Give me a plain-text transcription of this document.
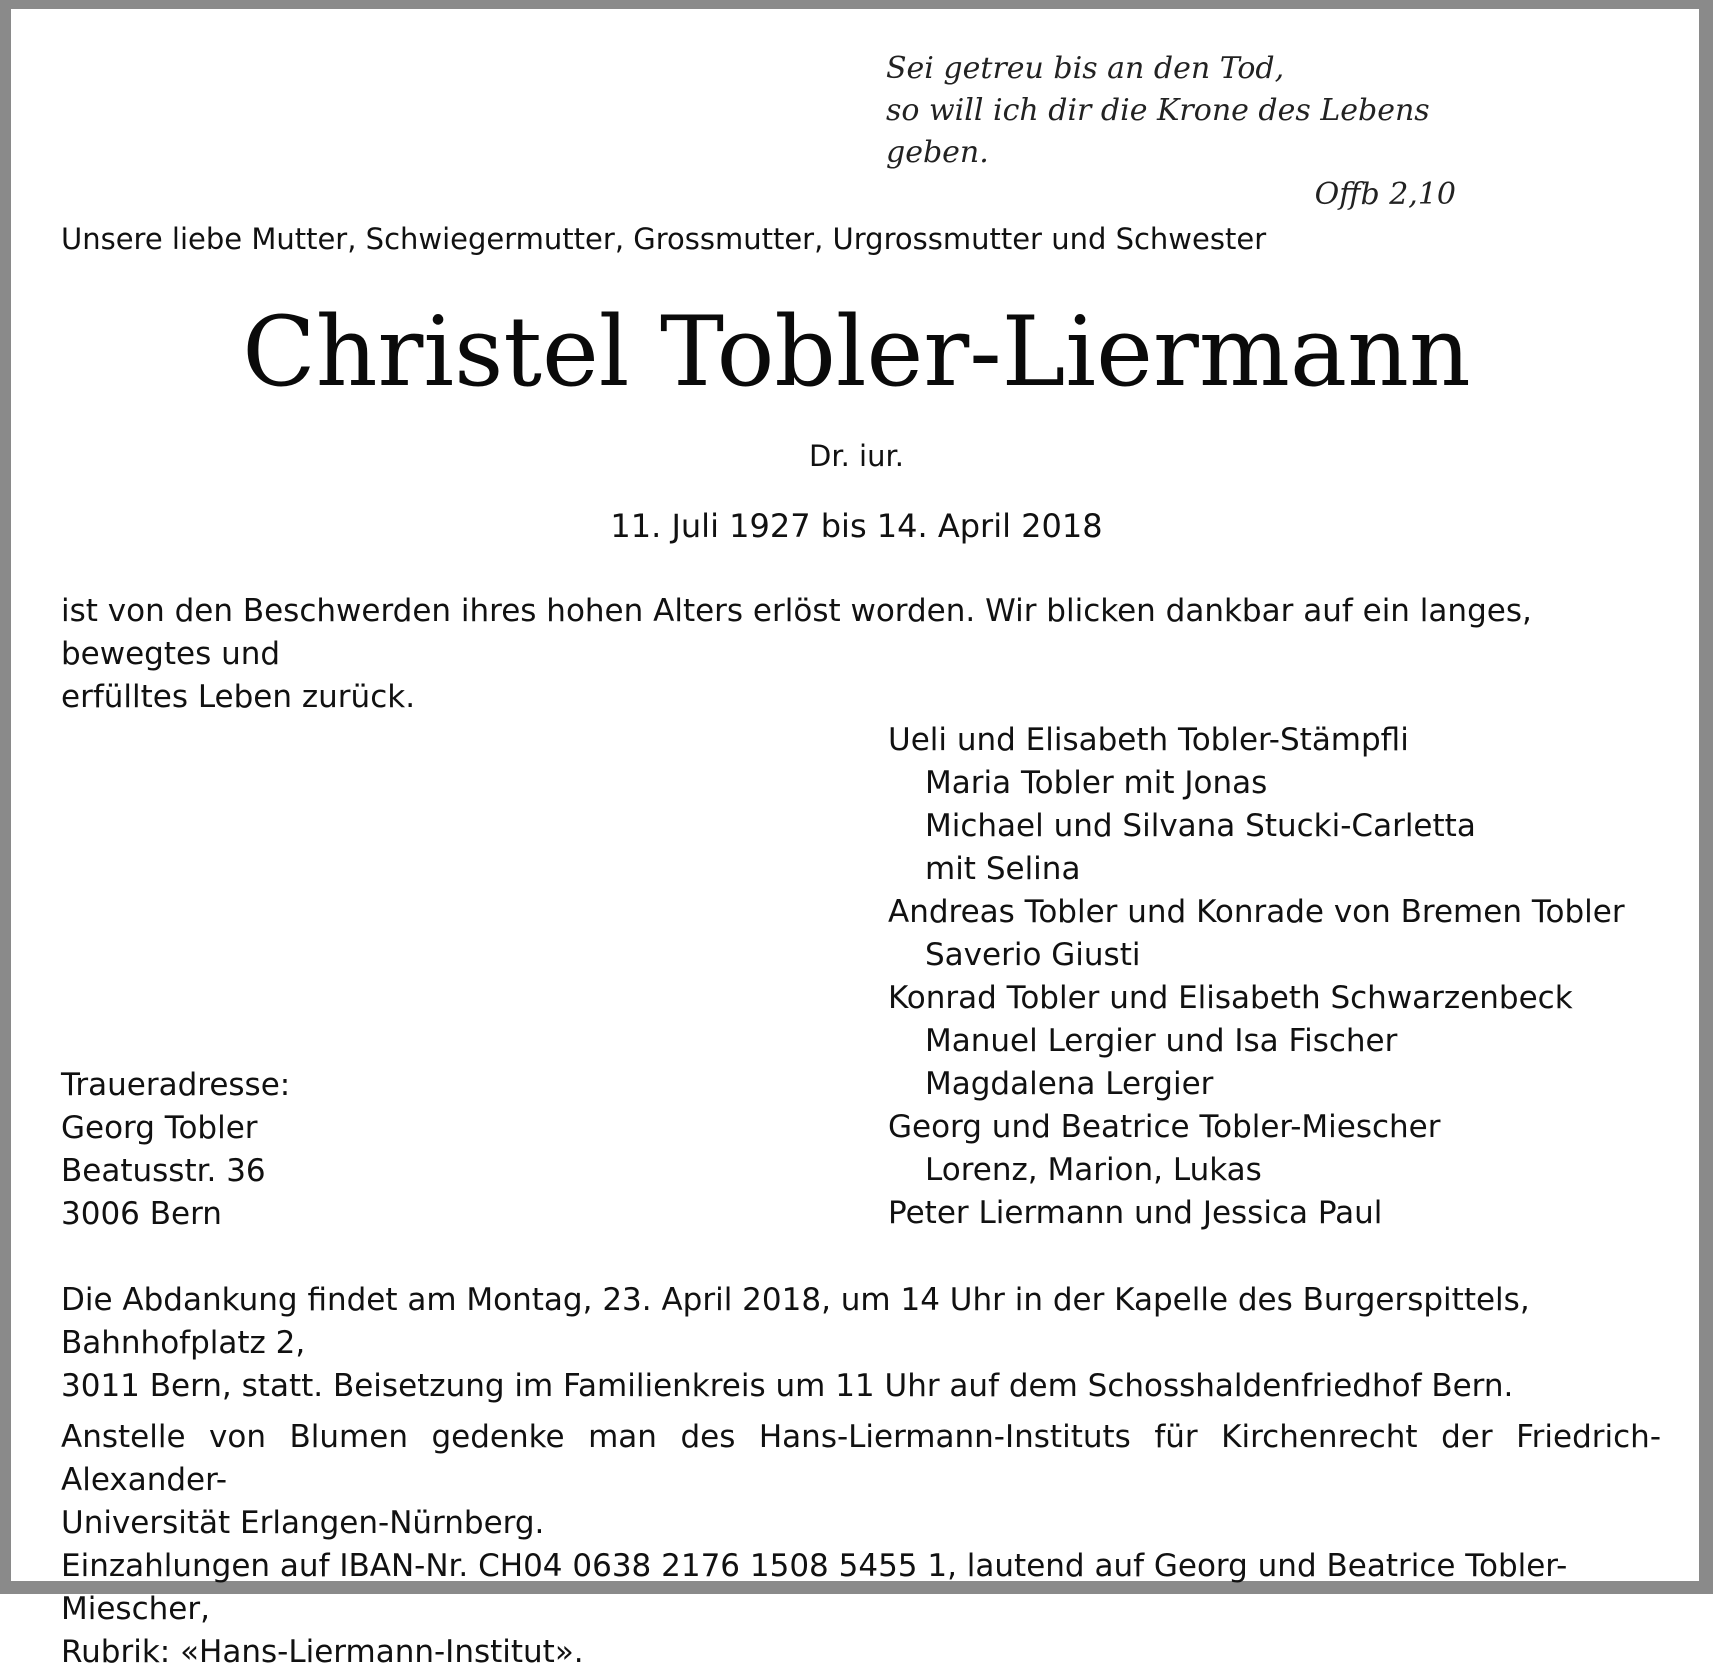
Sei getreu bis an den Tod,
so will ich dir die Krone des Lebens geben.
Offb 2,10
Unsere liebe Mutter, Schwiegermutter, Grossmutter, Urgrossmutter und Schwester
Christel Tobler-Liermann
Dr. iur.
11. Juli 1927 bis 14. April 2018

ist von den Beschwerden ihres hohen Alters erlöst worden. Wir blicken dankbar auf ein langes, bewegtes und

erfülltes Leben zurück.

Ueli und Elisabeth Tobler-Stämpfli
Maria Tobler mit Jonas
Michael und Silvana Stucki-Carletta
mit Selina
Andreas Tobler und Konrade von Bremen Tobler
Saverio Giusti
Konrad Tobler und Elisabeth Schwarzenbeck
Manuel Lergier und Isa Fischer
Magdalena Lergier
Georg und Beatrice Tobler-Miescher
Lorenz, Marion, Lukas
Peter Liermann und Jessica Paul
Traueradresse:
Georg Tobler
Beatusstr. 36
3006 Bern

Die Abdankung findet am Montag, 23. April 2018, um 14 Uhr in der Kapelle des Burgerspittels, Bahnhofplatz 2,

3011 Bern, statt. Beisetzung im Familienkreis um 11 Uhr auf dem Schosshaldenfriedhof Bern.

Anstelle von Blumen gedenke man des Hans-Liermann-Instituts für Kirchenrecht der Friedrich-Alexander-

Universität Erlangen-Nürnberg.

Einzahlungen auf IBAN-Nr. CH04 0638 2176 1508 5455 1, lautend auf Georg und Beatrice Tobler-Miescher,

Rubrik: «Hans-Liermann-Institut».
